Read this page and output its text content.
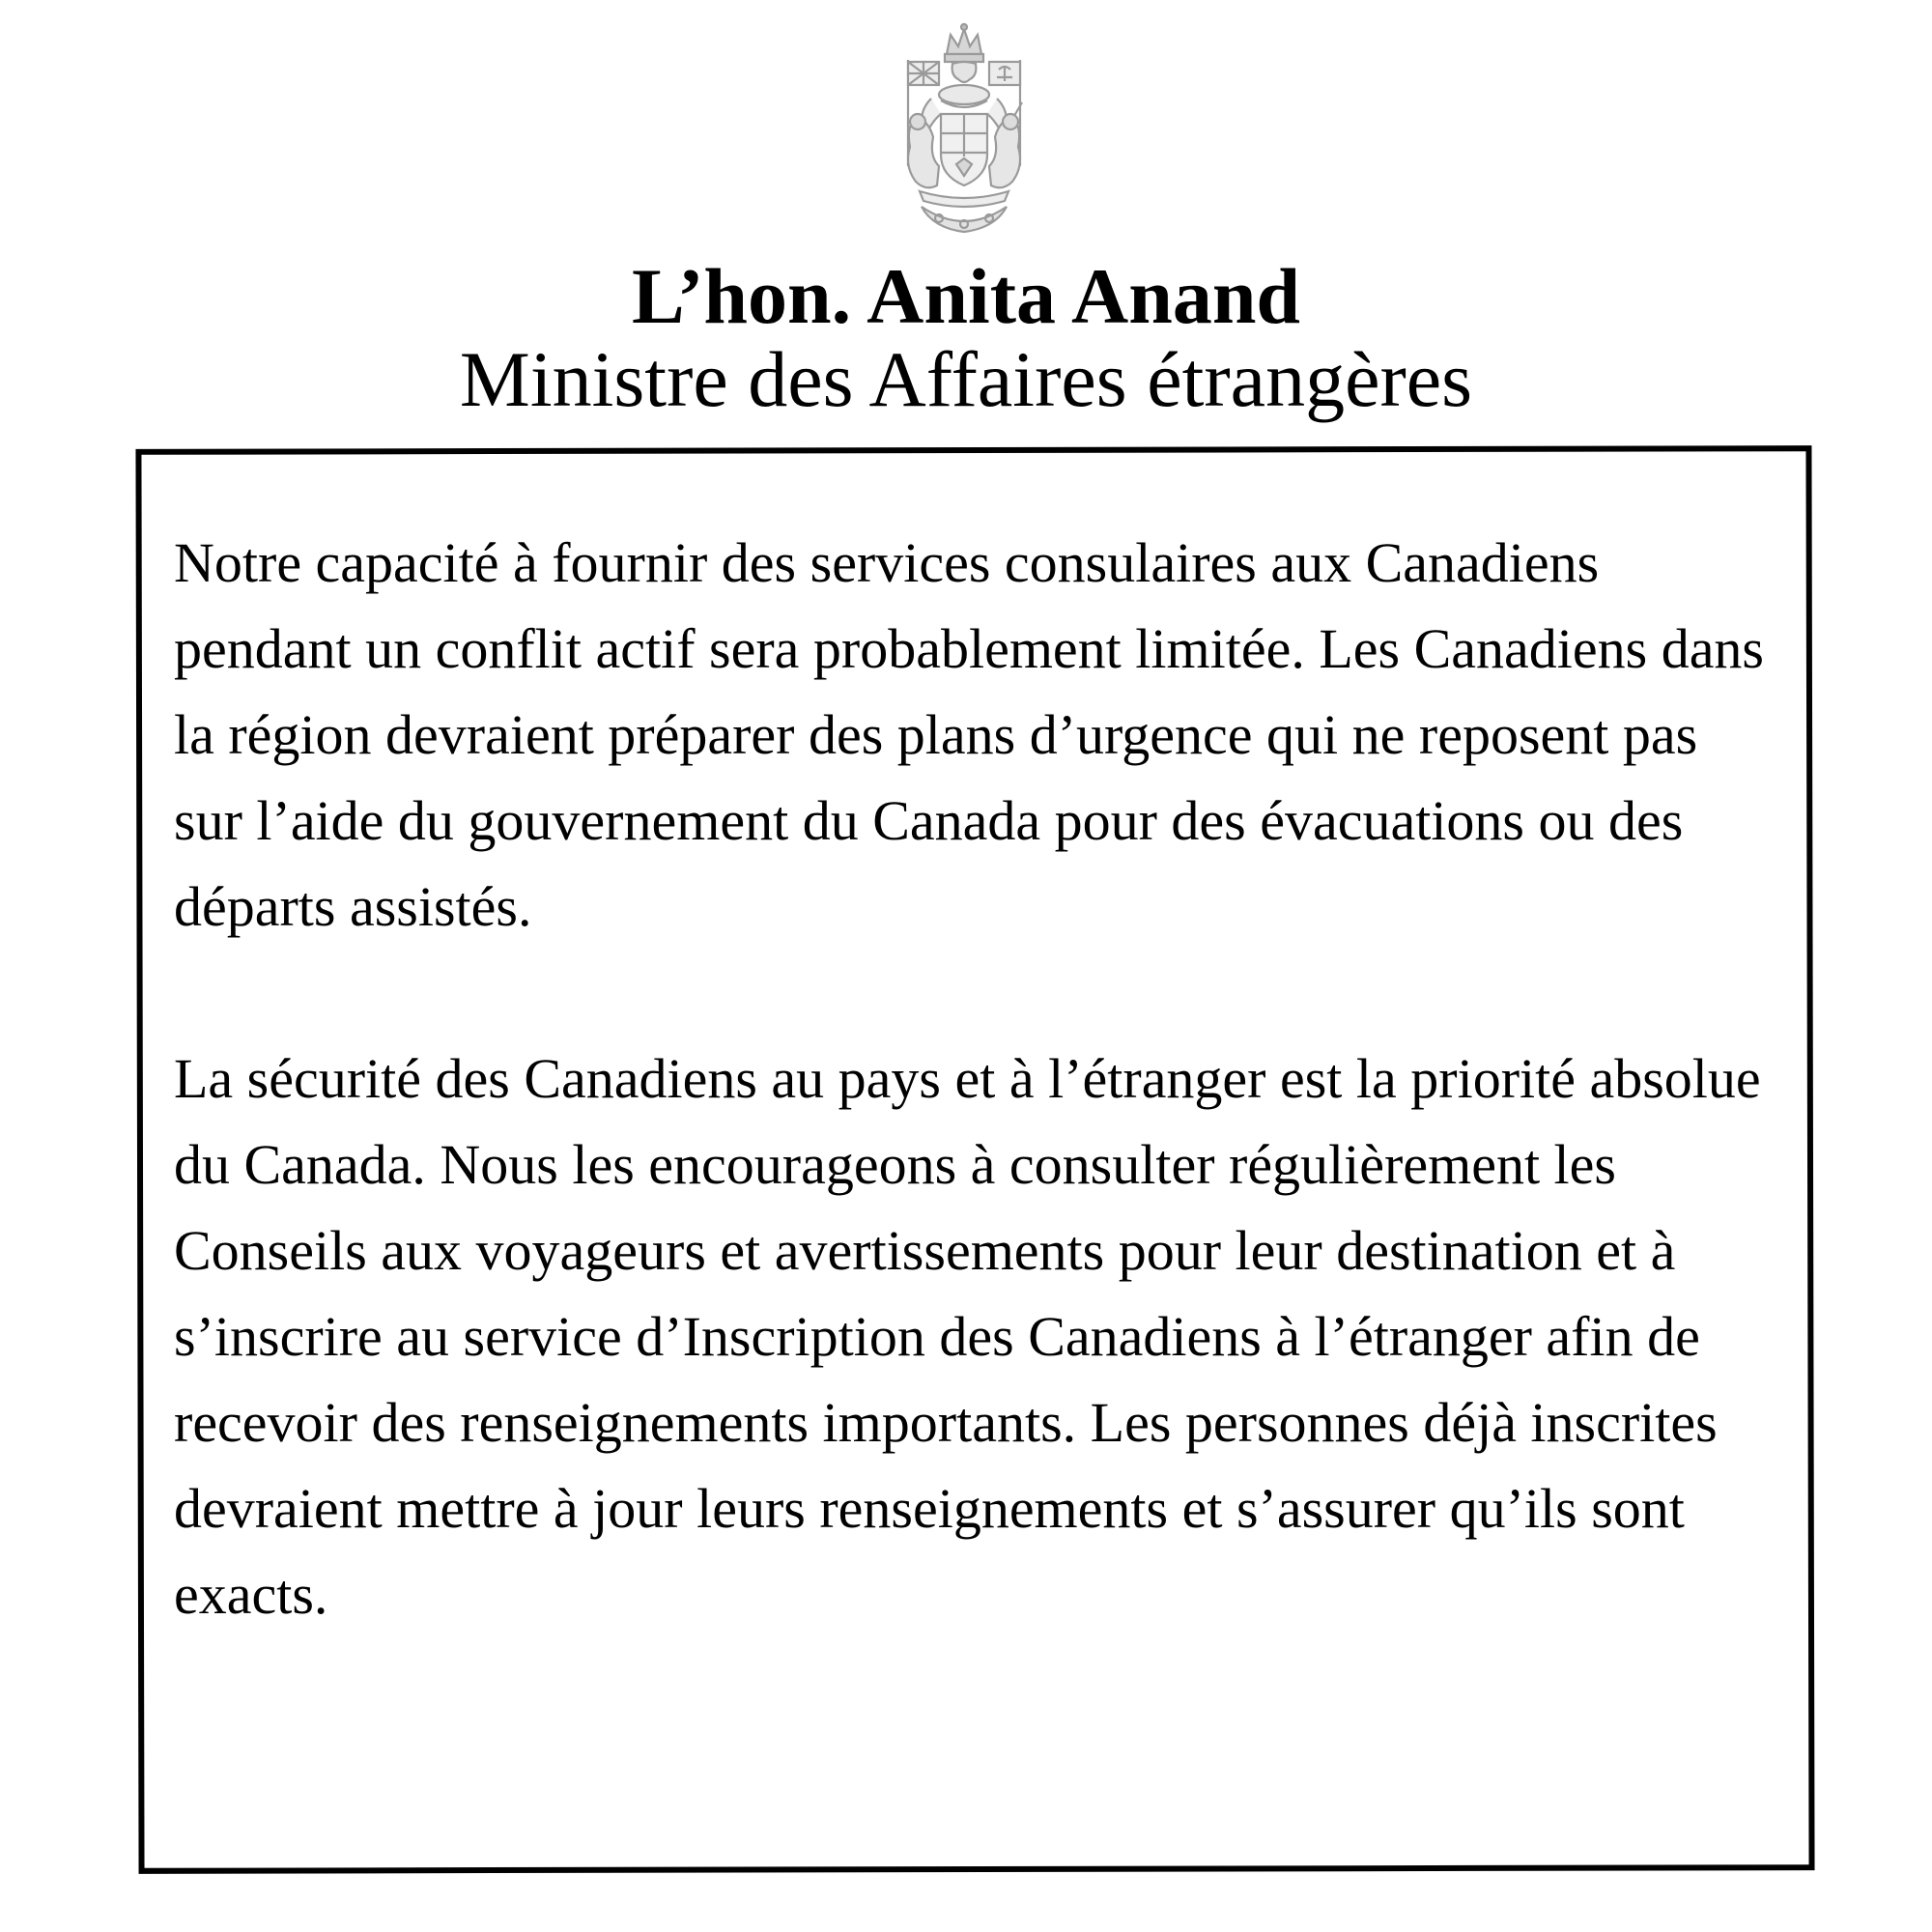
L’hon. Anita Anand
Ministre des Affaires étrangères

Notre capacité à fournir des services consulaires aux Canadiens pendant un conflit actif sera probablement limitée. Les Canadiens dans la région devraient préparer des plans d’urgence qui ne reposent pas sur l’aide du gouvernement du Canada pour des évacuations ou des départs assistés.

La sécurité des Canadiens au pays et à l’étranger est la priorité absolue du Canada. Nous les encourageons à consulter régulièrement les Conseils aux voyageurs et avertissements pour leur destination et à s’inscrire au service d’Inscription des Canadiens à l’étranger afin de recevoir des renseignements importants. Les personnes déjà inscrites devraient mettre à jour leurs renseignements et s’assurer qu’ils sont exacts.
